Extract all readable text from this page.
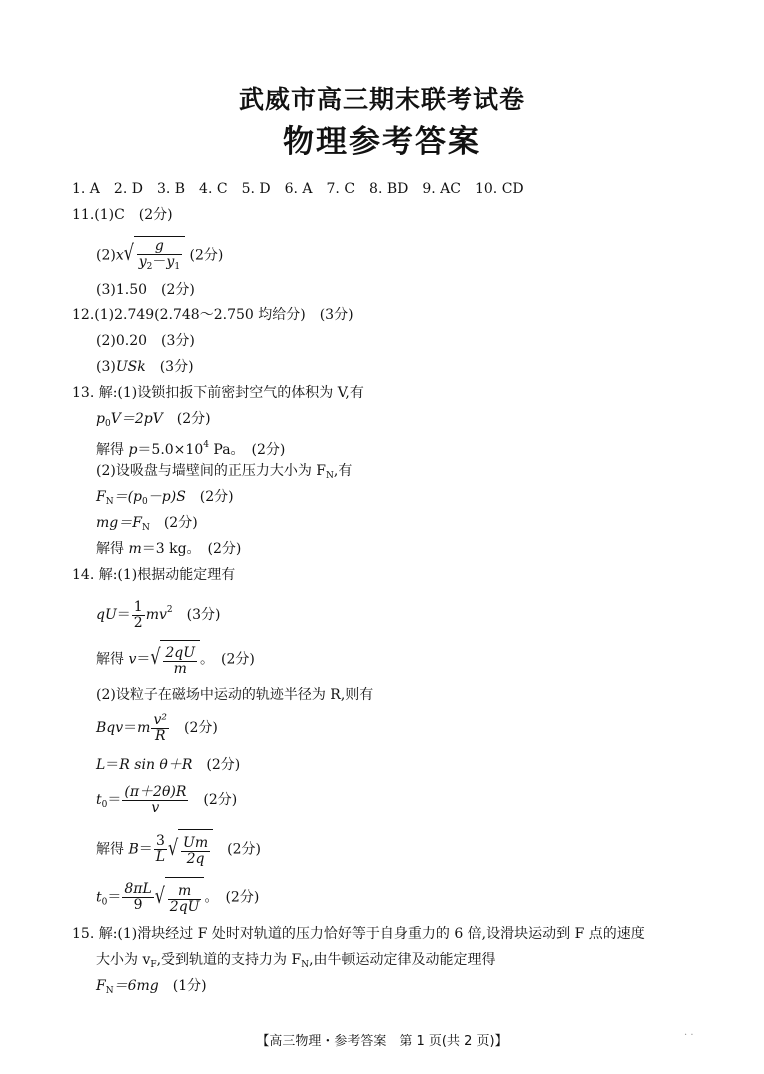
武威市高三期末联考试卷
物理参考答案
1. A　2. D　3. B　4. C　5. D　6. A　7. C　8. BD　9. AC　10. CD
11.(1)C　(2分)
(2)x √ $\frac{g}{y_2-y_1} (2$分)
(3)1.50　(2分)
12.(1)2.749(2.748～2.750 均给分)　(3分)
(2)0.20　(3分)
(3)USk　(3分)
13. 解:(1)设锁扣扳下前密封空气的体积为 V,有
$p_0V=2pV$　(2分)
解得 $p=5.0\times 10^4$ Pa。　(2分)
(2)设吸盘与墙壁间的正压力大小为 $F_N$,有
$F_N=(p_0-p)S$　(2分)
$mg=F_N$　(2分)
解得 m＝3 kg。　(2分)
14. 解:(1)根据动能定理有
$qU= \frac{1}{2} mv^2$　(3分)
解得 v＝ √ $\frac{2qU}{m}$ 。　(2分)
(2)设粒子在磁场中运动的轨迹半径为 R,则有
$Bqv=m \frac{\text{v²}}{R}$ 　(2分)
L＝R sin θ＋R　(2分)
$t_0= \frac{(\pi+2\theta)R}{v}$ 　(2分)
解得 $B= \frac{3}{L}$ √ $\frac{Um}{2q}$ 　(2分)
$t_0= \frac{8\pi L}{9}$ √ $\frac{m}{2qU}$ 。　(2分)
15. 解:(1)滑块经过 F 处时对轨道的压力恰好等于自身重力的 6 倍,设滑块运动到 F 点的速度
大小为 $v_F$,受到轨道的支持力为 $F_N$,由牛顿运动定律及动能定理得
$F_N=6mg$　(1分)
【高三物理・参考答案　第 1 页(共 2 页)】	· ·
